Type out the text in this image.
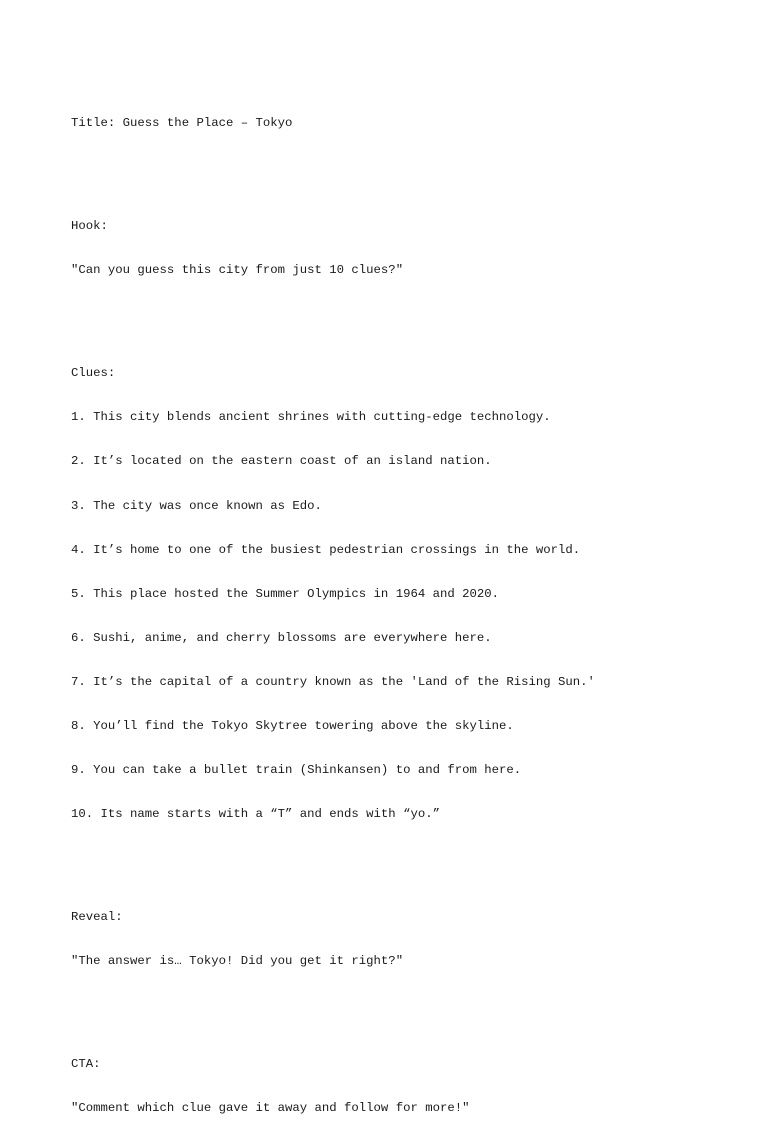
Title: Guess the Place – Tokyo

Hook:

"Can you guess this city from just 10 clues?"

Clues:

1. This city blends ancient shrines with cutting-edge technology.

2. It’s located on the eastern coast of an island nation.

3. The city was once known as Edo.

4. It’s home to one of the busiest pedestrian crossings in the world.

5. This place hosted the Summer Olympics in 1964 and 2020.

6. Sushi, anime, and cherry blossoms are everywhere here.

7. It’s the capital of a country known as the 'Land of the Rising Sun.'

8. You’ll find the Tokyo Skytree towering above the skyline.

9. You can take a bullet train (Shinkansen) to and from here.

10. Its name starts with a “T” and ends with “yo.”

Reveal:

"The answer is… Tokyo! Did you get it right?"

CTA:

"Comment which clue gave it away and follow for more!"
